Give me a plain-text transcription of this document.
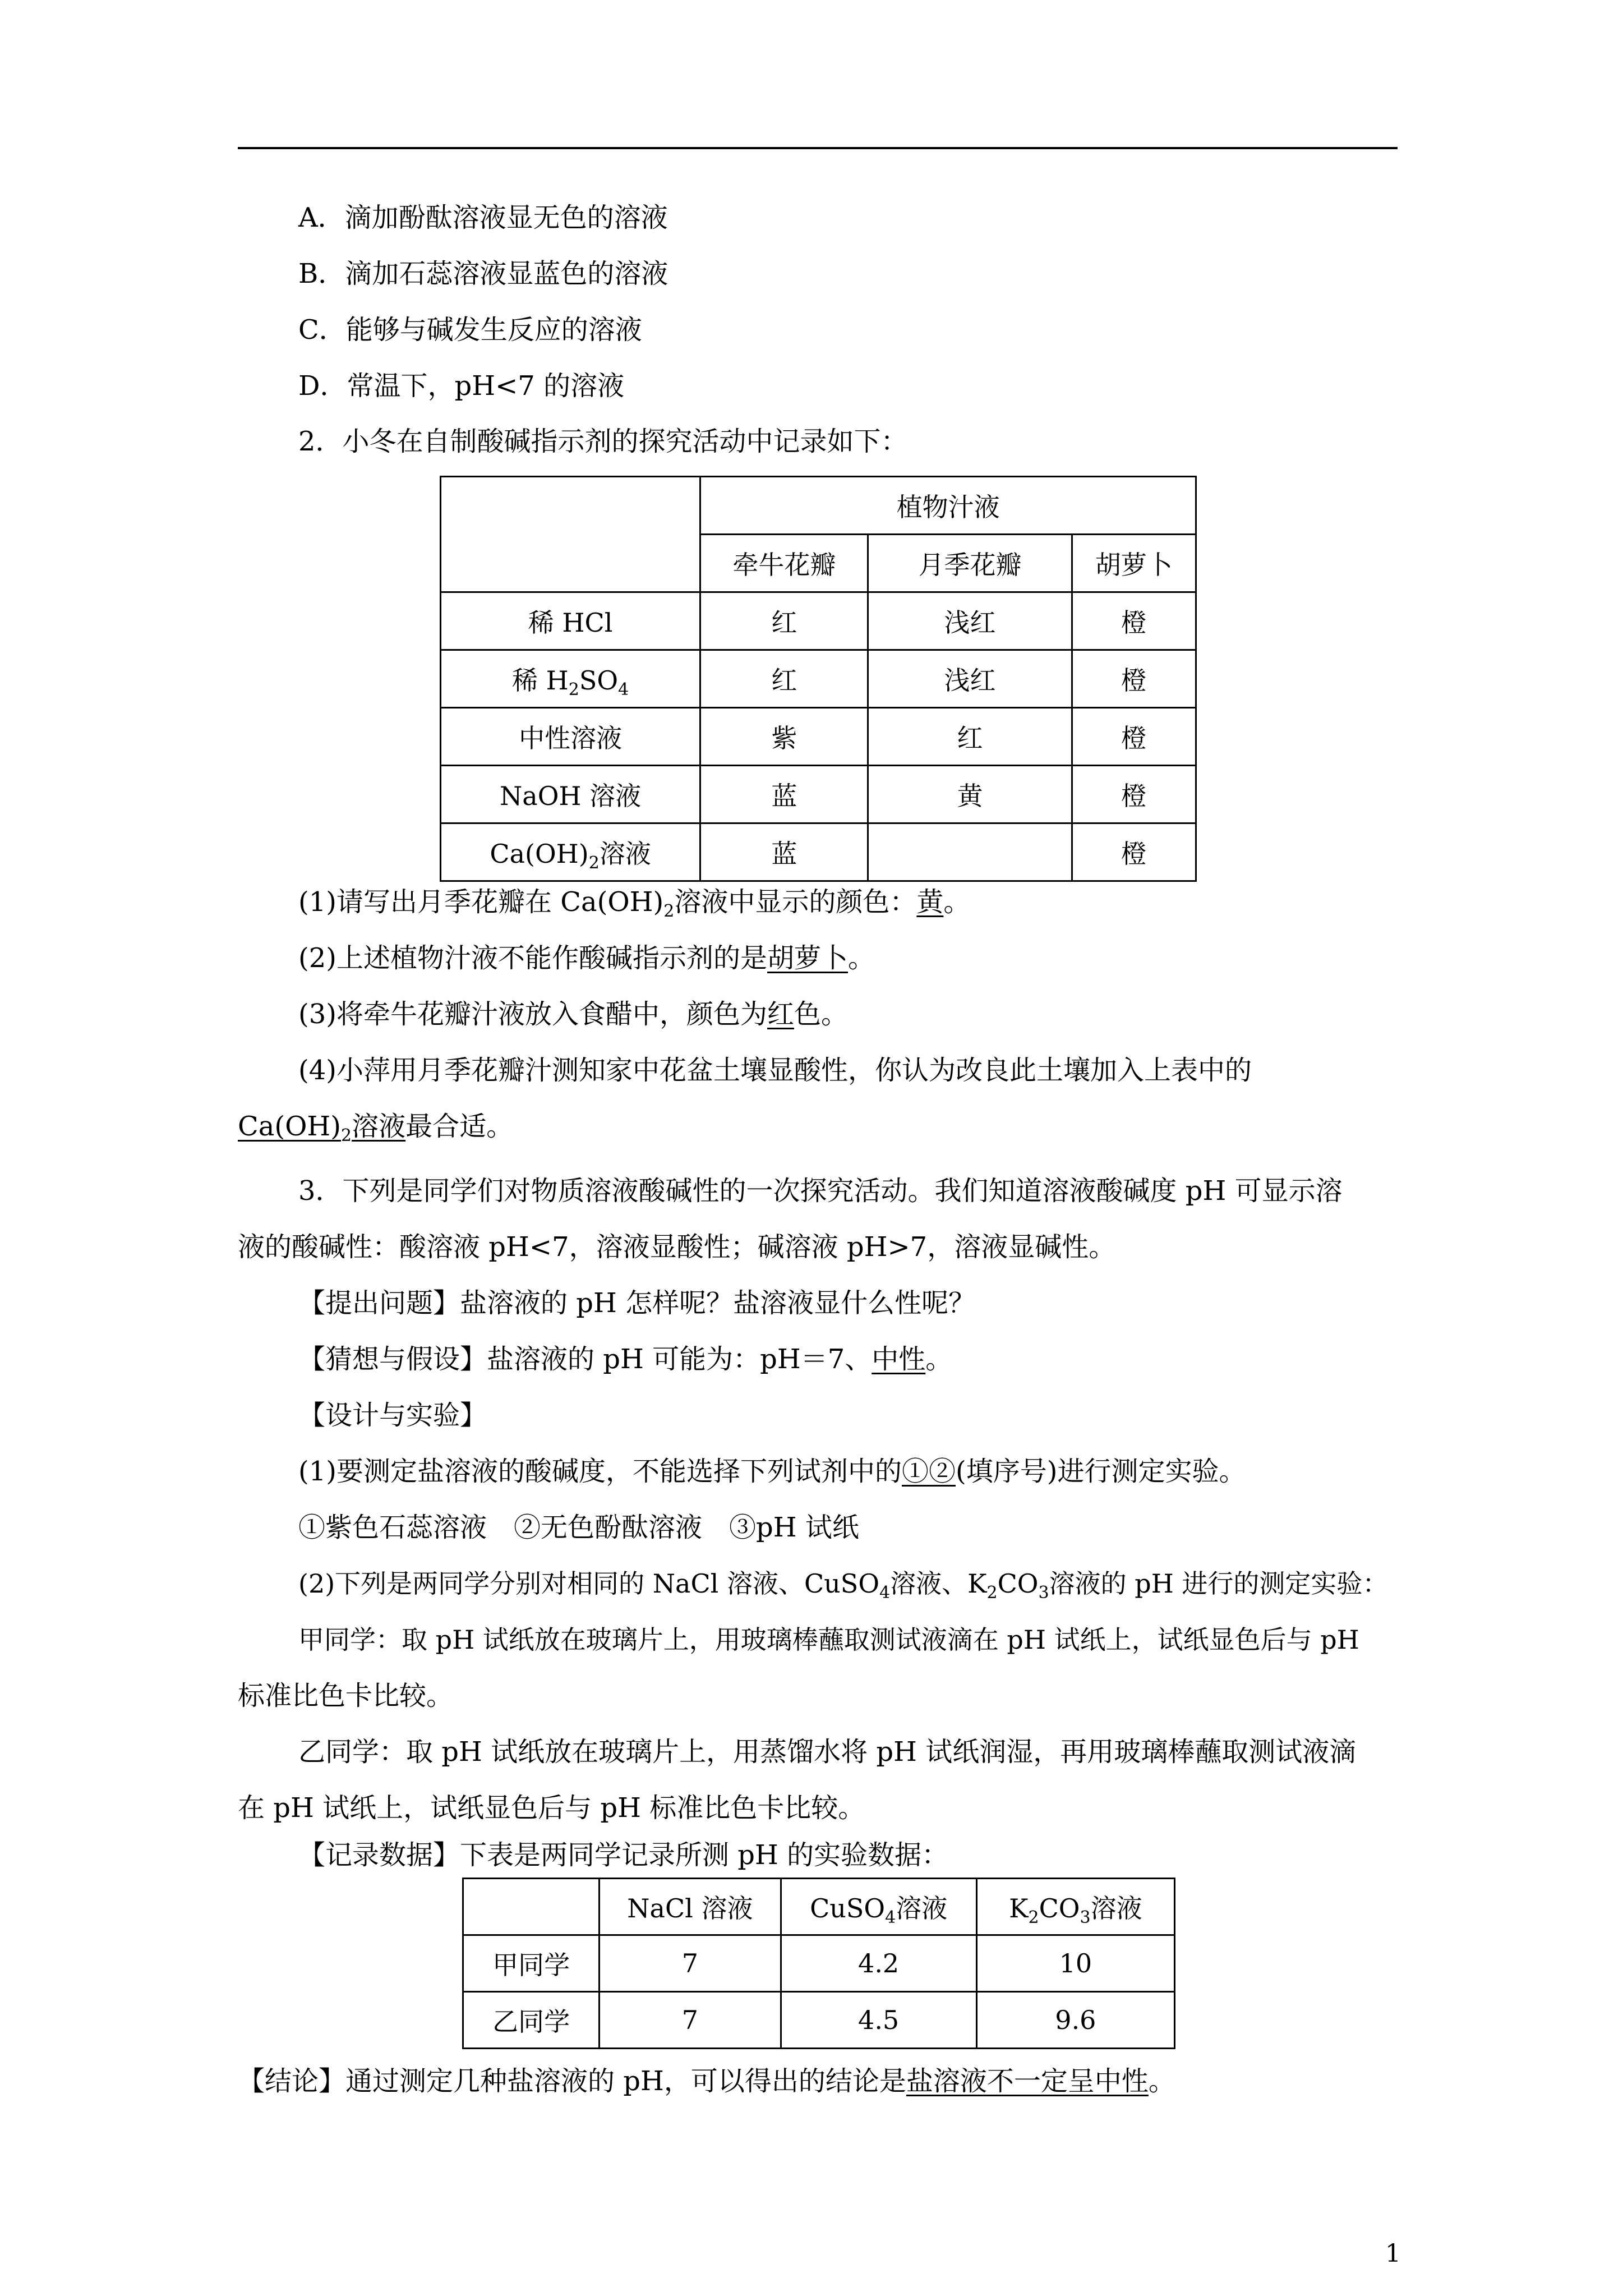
A．滴加酚酞溶液显无色的溶液
B．滴加石蕊溶液显蓝色的溶液
C．能够与碱发生反应的溶液
D．常温下，pH<7 的溶液
2．小冬在自制酸碱指示剂的探究活动中记录如下：
	植物汁液		
	牵牛花瓣	月季花瓣	胡萝卜
稀 HCl	红	浅红	橙
稀 $H_2SO_4$	红	浅红	橙
中性溶液	紫	红	橙
NaOH 溶液	蓝	黄	橙
$Ca(OH)_2$溶液	蓝		橙
(1)请写出月季花瓣在 $Ca(OH)_2$溶液中显示的颜色：黄。
(2)上述植物汁液不能作酸碱指示剂的是胡萝卜。
(3)将牵牛花瓣汁液放入食醋中，颜色为红色。
(4)小萍用月季花瓣汁测知家中花盆土壤显酸性，你认为改良此土壤加入上表中的
$Ca(OH)_2$溶液最合适。
3．下列是同学们对物质溶液酸碱性的一次探究活动。我们知道溶液酸碱度 pH 可显示溶
液的酸碱性：酸溶液 pH<7，溶液显酸性；碱溶液 pH>7，溶液显碱性。
【提出问题】盐溶液的 pH 怎样呢？盐溶液显什么性呢？
【猜想与假设】盐溶液的 pH 可能为：pH＝7、中性。
【设计与实验】
(1)要测定盐溶液的酸碱度，不能选择下列试剂中的①②(填序号)进行测定实验。
①紫色石蕊溶液　②无色酚酞溶液　③pH 试纸
(2)下列是两同学分别对相同的 NaCl 溶液、CuSO$_4$溶液、$K_2CO_3$溶液的 pH 进行的测定实验：
甲同学：取 pH 试纸放在玻璃片上，用玻璃棒蘸取测试液滴在 pH 试纸上，试纸显色后与 pH
标准比色卡比较。
乙同学：取 pH 试纸放在玻璃片上，用蒸馏水将 pH 试纸润湿，再用玻璃棒蘸取测试液滴
在 pH 试纸上，试纸显色后与 pH 标准比色卡比较。
【记录数据】下表是两同学记录所测 pH 的实验数据：
	NaCl 溶液	CuSO$_4$溶液	$K_2CO_3$溶液
甲同学	7	4.2	10
乙同学	7	4.5	9.6
【结论】通过测定几种盐溶液的 pH，可以得出的结论是盐溶液不一定呈中性。
1
